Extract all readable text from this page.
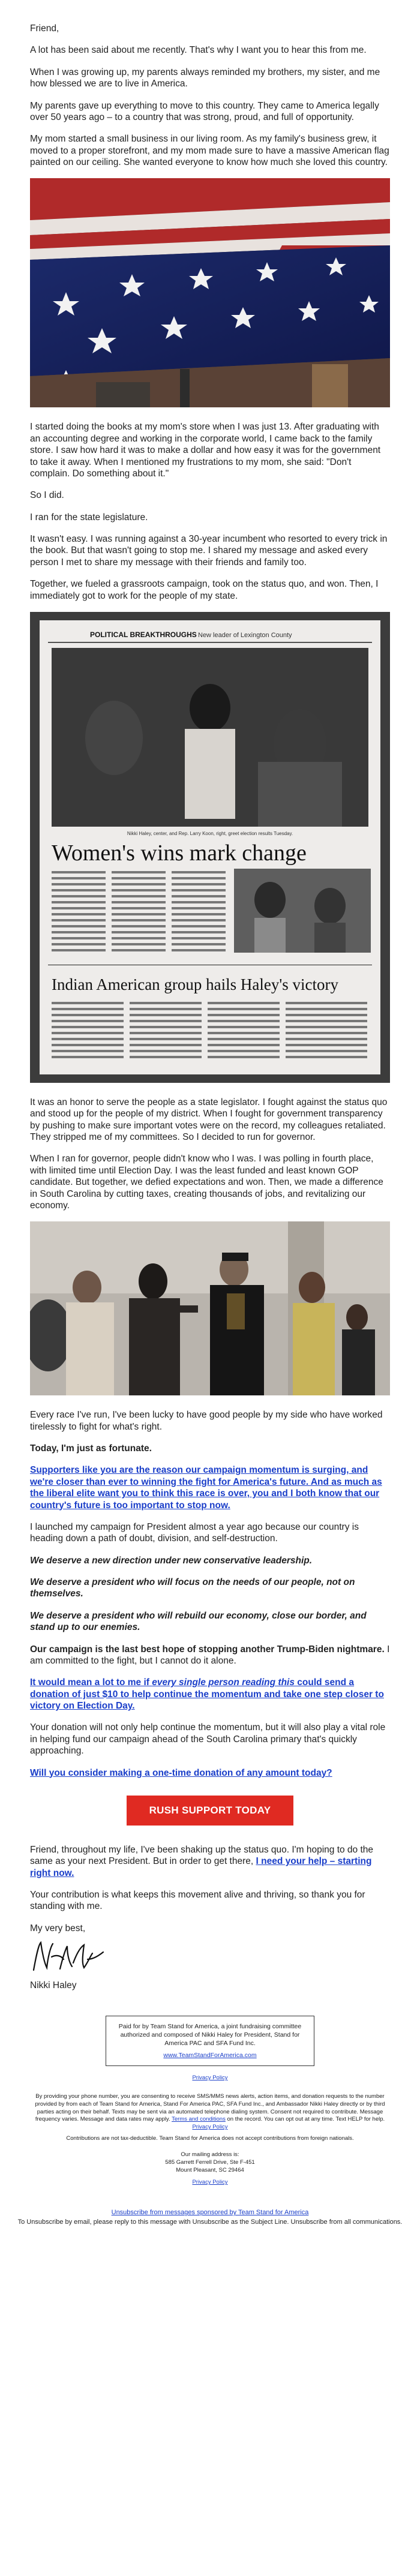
Friend,

A lot has been said about me recently. That's why I want you to hear this from me.

When I was growing up, my parents always reminded my brothers, my sister, and me how blessed we are to live in America.

My parents gave up everything to move to this country. They came to America legally over 50 years ago – to a country that was strong, proud, and full of opportunity.

My mom started a small business in our living room. As my family's business grew, it moved to a proper storefront, and my mom made sure to have a massive American flag painted on our ceiling. She wanted everyone to know how much she loved this country.

I started doing the books at my mom's store when I was just 13. After graduating with an accounting degree and working in the corporate world, I came back to the family store. I saw how hard it was to make a dollar and how easy it was for the government to take it away. When I mentioned my frustrations to my mom, she said: "Don't complain. Do something about it."

So I did.

I ran for the state legislature.

It wasn't easy. I was running against a 30-year incumbent who resorted to every trick in the book. But that wasn't going to stop me. I shared my message and asked every person I met to share my message with their friends and family too.

Together, we fueled a grassroots campaign, took on the status quo, and won. Then, I immediately got to work for the people of my state.

POLITICAL BREAKTHROUGHS New leader of Lexington County
Nikki Haley, center, and Rep. Larry Koon, right, greet election results Tuesday.
Women's wins mark change
Indian American group hails Haley's victory

It was an honor to serve the people as a state legislator. I fought against the status quo and stood up for the people of my district. When I fought for government transparency by pushing to make sure important votes were on the record, my colleagues retaliated. They stripped me of my committees. So I decided to run for governor.

When I ran for governor, people didn't know who I was. I was polling in fourth place, with limited time until Election Day. I was the least funded and least known GOP candidate. But together, we defied expectations and won. Then, we made a difference in South Carolina by cutting taxes, creating thousands of jobs, and revitalizing our economy.

Every race I've run, I've been lucky to have good people by my side who have worked tirelessly to fight for what's right.

Today, I'm just as fortunate.

Supporters like you are the reason our campaign momentum is surging, and we're closer than ever to winning the fight for America's future. And as much as the liberal elite want you to think this race is over, you and I both know that our country's future is too important to stop now.

I launched my campaign for President almost a year ago because our country is heading down a path of doubt, division, and self-destruction.

We deserve a new direction under new conservative leadership.

We deserve a president who will focus on the needs of our people, not on themselves.

We deserve a president who will rebuild our economy, close our border, and stand up to our enemies.

Our campaign is the last best hope of stopping another Trump-Biden nightmare. I am committed to the fight, but I cannot do it alone.

It would mean a lot to me if every single person reading this could send a donation of just $10 to help continue the momentum and take one step closer to victory on Election Day.

Your donation will not only help continue the momentum, but it will also play a vital role in helping fund our campaign ahead of the South Carolina primary that's quickly approaching.

Will you consider making a one-time donation of any amount today?

RUSH SUPPORT TODAY

Friend, throughout my life, I've been shaking up the status quo. I'm hoping to do the same as your next President. But in order to get there, I need your help – starting right now.

Your contribution is what keeps this movement alive and thriving, so thank you for standing with me.

My very best,

Nikki Haley

Paid for by Team Stand for America, a joint fundraising committee authorized and composed of Nikki Haley for President, Stand for America PAC and SFA Fund Inc.
www.TeamStandForAmerica.com
Privacy Policy
By providing your phone number, you are consenting to receive SMS/MMS news alerts, action items, and donation requests to the number provided by from each of Team Stand for America, Stand For America PAC, SFA Fund Inc., and Ambassador Nikki Haley directly or by third parties acting on their behalf. Texts may be sent via an automated telephone dialing system. Consent not required to contribute. Message frequency varies. Message and data rates may apply. Terms and conditions on the record. You can opt out at any time. Text HELP for help. Privacy Policy
Contributions are not tax-deductible. Team Stand for America does not accept contributions from foreign nationals.
Our mailing address is:
585 Garrett Ferrell Drive, Ste F-451
Mount Pleasant, SC 29464
Privacy Policy
Unsubscribe from messages sponsored by Team Stand for America
To Unsubscribe by email, please reply to this message with Unsubscribe as the Subject Line. Unsubscribe from all communications.
